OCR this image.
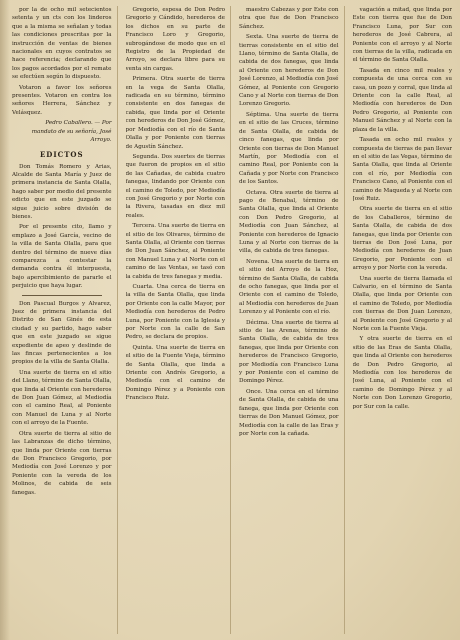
por la de ocho mil setecientos setenta y un cts con los linderos que a la misma se señalan y todas las condiciones prescritas por la instrucción de ventas de bienes nacionales en cuyos contratos se hace referencia; declarando que los pagos acordados por el remate se efectúen según lo dispuesto.

Votaron a favor los señores presentes. Votaron en contra los señores Herrera, Sánchez y Velásquez.

Pedro Caballero. — Por mandato de su señoría, José Arroyo.

EDICTOS

Don Tomás Romero y Arias, Alcalde de Santa María y Juez de primera instancia de Santa Olalla, hago saber por medio del presente edicto que en este juzgado se sigue juicio sobre división de bienes.

Por el presente cito, llamo y emplazo a José García, vecino de la villa de Santa Olalla, para que dentro del término de nueve días comparezca a contestar la demanda contra él interpuesta, bajo apercibimiento de pararle el perjuicio que haya lugar.

Don Pascual Burgos y Alvarez, Juez de primera instancia del Distrito de San Ginés de esta ciudad y su partido, hago saber que en este juzgado se sigue expediente de apeo y deslinde de las fincas pertenecientes a los propios de la villa de Santa Olalla.

Una suerte de tierra en el sitio del Llano, término de Santa Olalla, que linda al Oriente con herederos de Don Juan Gómez, al Mediodía con el camino Real, al Poniente con Manuel de Luna y al Norte con el arroyo de la Fuente.

Otra suerte de tierra al sitio de las Labranzas de dicho término, que linda por Oriente con tierras de Don Francisco Gregorio, por Mediodía con José Lorenzo y por Poniente con la vereda de los Molinos, de cabida de seis fanegas.

Gregorio, espesa de Don Pedro Gregorio y Cándido, herederos de los dichos en su parte de Francisco Loro y Gregorio, subrogándose de modo que en el Registro de la Propiedad de Arroyo, se declara libre para su venta sin cargas.

Primera. Otra suerte de tierra en la vega de Santa Olalla, radicada en su término, término consistente en dos fanegas de cabida, que linda por el Oriente con herederos de Don José Gómez, por Mediodía con el río de Santa Olalla y por Poniente con tierras de Agustín Sánchez.

Segunda. Dos suertes de tierras que fueron de propios en el sitio de las Cañadas, de cabida cuatro fanegas, lindando por Oriente con el camino de Toledo, por Mediodía con José Gregorio y por Norte con la Rivera, tasadas en diez mil reales.

Tercera. Una suerte de tierra en el sitio de los Olivares, término de Santa Olalla, al Oriente con tierras de Don Juan Sánchez, al Poniente con Manuel Luna y al Norte con el camino de las Ventas, se tasó con la cabida de tres fanegas y media.

Cuarta. Una cerca de tierra en la villa de Santa Olalla, que linda por Oriente con la calle Mayor, por Mediodía con herederos de Pedro Luna, por Poniente con la Iglesia y por Norte con la calle de San Pedro, se declara de propios.

Quinta. Una suerte de tierra en el sitio de la Fuente Vieja, término de Santa Olalla, que linda a Oriente con Andrés Gregorio, a Mediodía con el camino de Domingo Pérez y a Poniente con Francisco Ruiz.

maestro Cabezas y por Este con otra que fue de Don Francisco Sánchez.

Sexta. Una suerte de tierra de tierras consistente en el sitio del Llano, término de Santa Olalla, de cabida de dos fanegas, que linda al Oriente con herederos de Don José Lorenzo, al Mediodía con José Gómez, al Poniente con Gregorio Cano y al Norte con tierras de Don Lorenzo Gregorio.

Séptima. Una suerte de tierra en el sitio de las Cruces, término de Santa Olalla, de cabida de cinco fanegas, que linda por Oriente con tierras de Don Manuel Martín, por Mediodía con el camino Real, por Poniente con la Cañada y por Norte con Francisco de los Santos.

Octava. Otra suerte de tierra al pago de Benabal, término de Santa Olalla, que linda al Oriente con Don Pedro Gregorio, al Mediodía con Juan Sánchez, al Poniente con herederos de Ignacio Luna y al Norte con tierras de la villa, de cabida de tres fanegas.

Novena. Una suerte de tierra en el sitio del Arroyo de la Hoz, término de Santa Olalla, de cabida de ocho fanegas, que linda por el Oriente con el camino de Toledo, al Mediodía con herederos de Juan Lorenzo y al Poniente con el río.

Décima. Una suerte de tierra al sitio de las Arenas, término de Santa Olalla, de cabida de tres fanegas, que linda por Oriente con herederos de Francisco Gregorio, por Mediodía con Francisco Luna y por Poniente con el camino de Domingo Pérez.

Once. Una cerca en el término de Santa Olalla, de cabida de una fanega, que linda por Oriente con tierras de Don Manuel Gómez, por Mediodía con la calle de las Eras y por Norte con la cañada.

vagación a mitad, que linda por Este con tierra que fue de Don Francisco Luna, por Sur con herederos de José Cabrera, al Poniente con el arroyo y al Norte con tierras de la villa, radicada en el término de Santa Olalla.

Tasada en cinco mil reales y compuesta de una cerca con su casa, un pozo y corral, que linda al Oriente con la calle Real, al Mediodía con herederos de Don Pedro Gregorio, al Poniente con Manuel Sánchez y al Norte con la plaza de la villa.

Tasada en ocho mil reales y compuesta de tierras de pan llevar en el sitio de las Vegas, término de Santa Olalla, que linda al Oriente con el río, por Mediodía con Francisco Cano, al Poniente con el camino de Maqueda y al Norte con José Ruiz.

Otra suerte de tierra en el sitio de los Caballeros, término de Santa Olalla, de cabida de dos fanegas, que linda por Oriente con tierras de Don José Luna, por Mediodía con herederos de Juan Gregorio, por Poniente con el arroyo y por Norte con la vereda.

Una suerte de tierra llamada el Calvario, en el término de Santa Olalla, que linda por Oriente con el camino de Toledo, por Mediodía con tierras de Don Juan Lorenzo, al Poniente con José Gregorio y al Norte con la Fuente Vieja.

Y otra suerte de tierra en el sitio de las Eras de Santa Olalla, que linda al Oriente con herederos de Don Pedro Gregorio, al Mediodía con los herederos de José Luna, al Poniente con el camino de Domingo Pérez y al Norte con Don Lorenzo Gregorio, por Sur con la calle.
